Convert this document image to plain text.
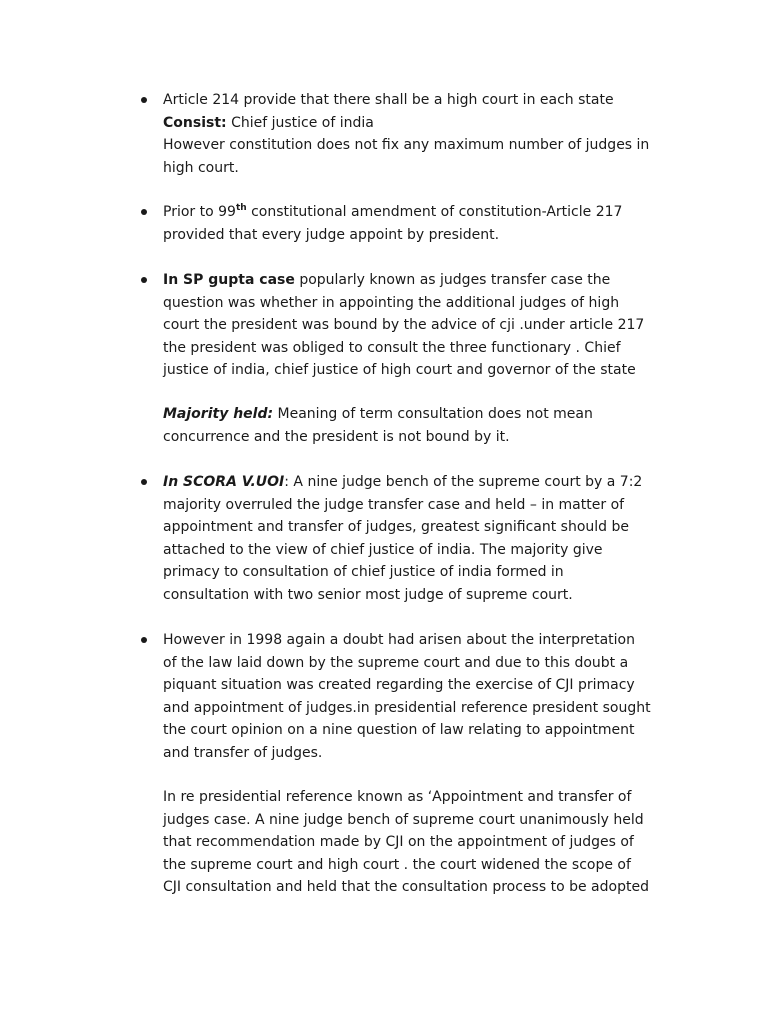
Article 214 provide that there shall be a high court in each state
Consist: Chief justice of india
However constitution does not fix any maximum number of judges in
high court.
Prior to 99th constitutional amendment of constitution-Article 217
provided that every judge appoint by president.
In SP gupta case popularly known as judges transfer case the
question was whether in appointing the additional judges of high
court the president was bound by the advice of cji .under article 217
the president was obliged to consult the three functionary . Chief
justice of india, chief justice of high court and governor of the state
Majority held: Meaning of term consultation does not mean
concurrence and the president is not bound by it.
In SCORA V.UOI: A nine judge bench of the supreme court by a 7:2
majority overruled the judge transfer case and held – in matter of
appointment and transfer of judges, greatest significant should be
attached to the view of chief justice of india. The majority give
primacy to consultation of chief justice of india formed in
consultation with two senior most judge of supreme court.
However in 1998 again a doubt had arisen about the interpretation
of the law laid down by the supreme court and due to this doubt a
piquant situation was created regarding the exercise of CJI primacy
and appointment of judges.in presidential reference president sought
the court opinion on a nine question of law relating to appointment
and transfer of judges.
In re presidential reference known as ‘Appointment and transfer of
judges case. A nine judge bench of supreme court unanimously held
that recommendation made by CJI on the appointment of judges of
the supreme court and high court . the court widened the scope of
CJI consultation and held that the consultation process to be adopted
